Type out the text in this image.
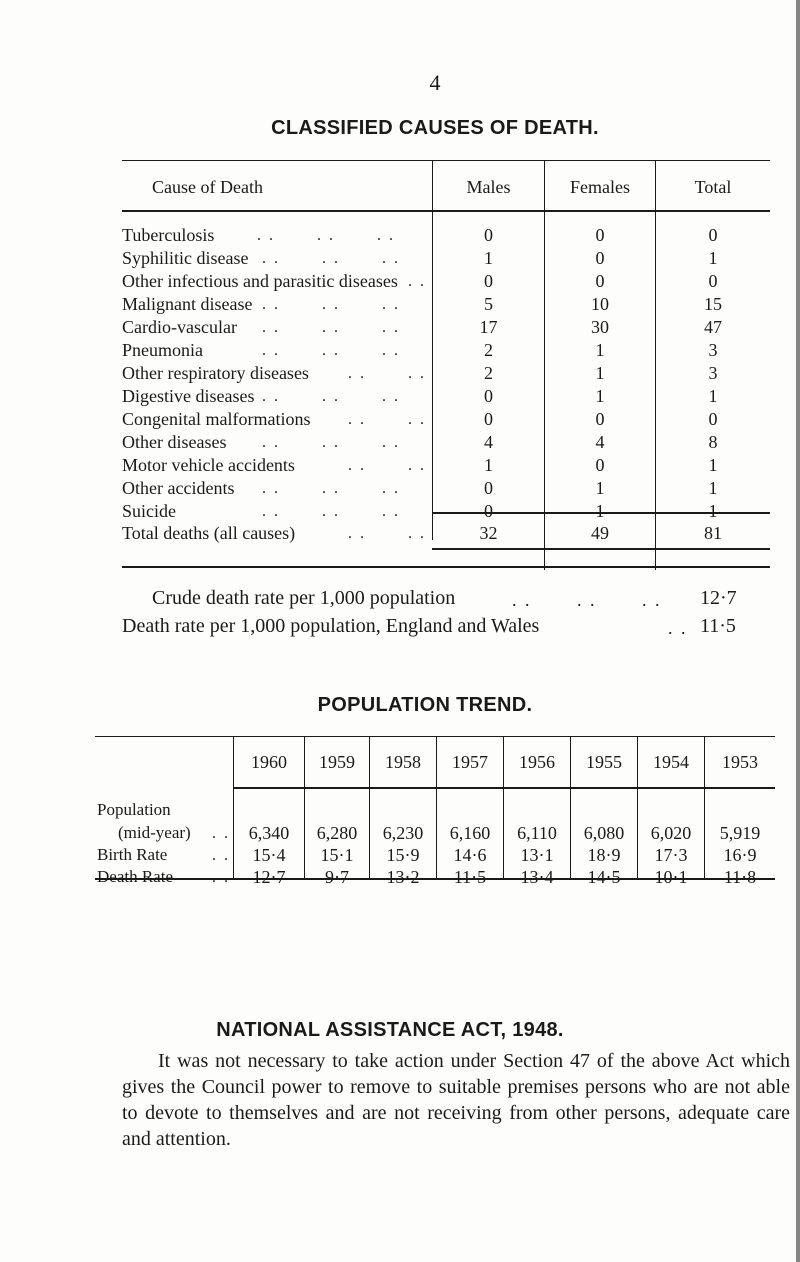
4
CLASSIFIED CAUSES OF DEATH.
Cause of Death	Males	Females	Total
Tuberculosis	. .       . .       . .	0	0	0
Syphilitic disease . .       . .       . .	1	0	1
Other infectious and parasitic diseases . .	0	0	0
Malignant disease . .       . .       . .	5	10	15
Cardio-vascular . .       . .       . .	17	30	47
Pneumonia	. .       . .       . .	2	1	3
Other respiratory diseases . .       . .	2	1	3
Digestive diseases . .       . .       . .	0	1	1
Congenital malformations . .       . .	0	0	0
Other diseases . .       . .       . .	4	4	8
Motor vehicle accidents	. .       . .	1	0	1
Other accidents . .       . .       . .	0	1	1
Suicide	. .       . .       . .	0	1	1
Total deaths (all causes)	. .       . .	32	49	81
Crude death rate per 1,000 population	. .       . .       . . 12·7
Death rate per 1,000 population, England and Wales	. . 11·5
POPULATION TREND.
1960	1959	1958	1957	1956	1955	1954	1953
Population
(mid-year) . .	6,340	6,280	6,230	6,160	6,110	6,080	6,020	5,919
Birth Rate	. .	15·4	15·1	15·9	14·6	13·1	18·9	17·3	16·9
Death Rate . .	12·7	9·7	13·2	11·5	13·4	14·5	10·1	11·8
NATIONAL ASSISTANCE ACT, 1948.
It was not necessary to take action under Section 47 of the above Act which gives the Council power to remove to suitable premises persons who are not able to devote to themselves and are not receiving from other persons, adequate care and attention.
